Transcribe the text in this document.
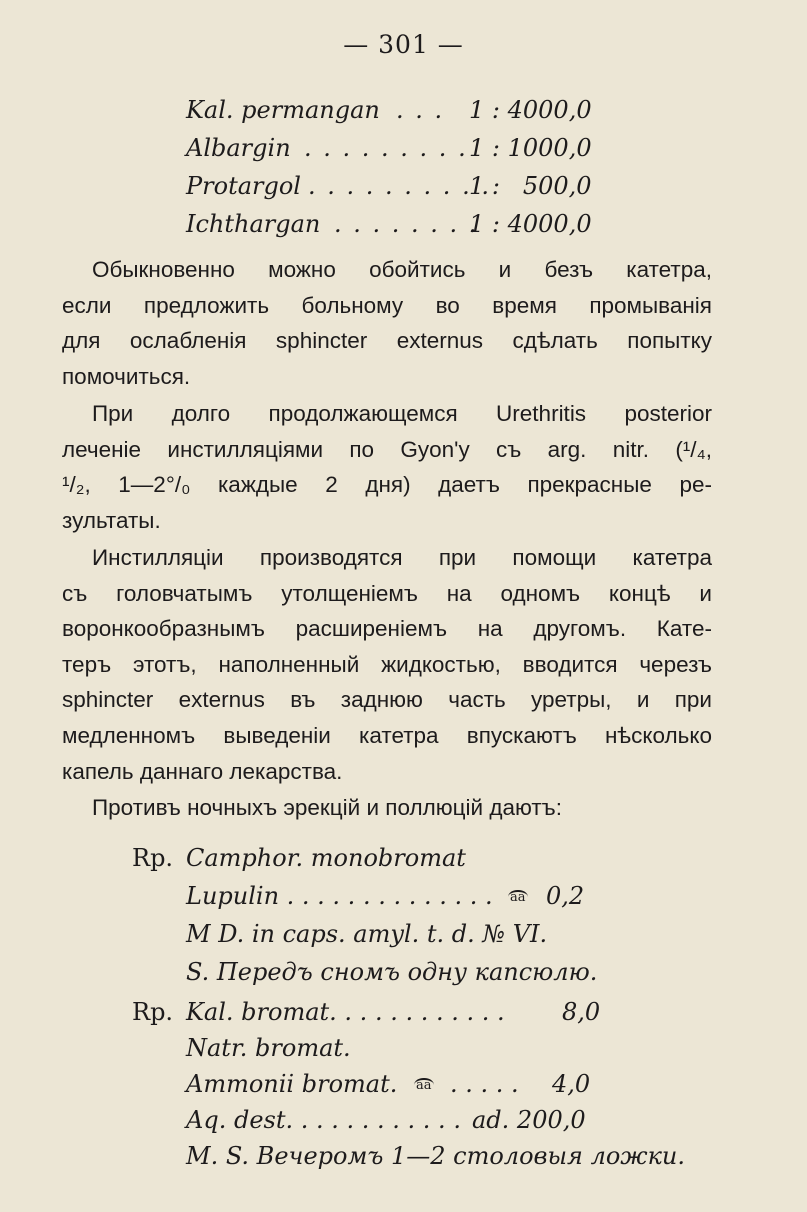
— 301 —
Kal. permangan . . . 1 : 4000,0
Albargin . . . . . . . . . 1 : 1000,0
Protargol . . . . . . . . . .
1 :   500,0
Ichthargan . . . . . . . .
1 : 4000,0
Обыкновенно можно обойтись и безъ катетра,
если предложить больному во время промыванія
для ослабленія sphincter externus сдѣлать попытку
помочиться.
При долго продолжающемся Urethritis posterior
леченіе инстилляціями по Gyon'y съ arg. nitr. (¹/₄,
¹/₂, 1—2°/₀ каждые 2 дня) даетъ прекрасные ре-
зультаты.
Инстилляціи производятся при помощи катетра
съ головчатымъ утолщеніемъ на одномъ концѣ и
воронкообразнымъ расширеніемъ на другомъ. Кате-
теръ этотъ, наполненный жидкостью, вводится черезъ
sphincter externus въ заднюю часть уретры, и при
медленномъ выведеніи катетра впускаютъ нѣсколько
капель даннаго лекарства.
Противъ ночныхъ эрекцій и поллюцій даютъ:
Rp. Camphor. monobromat
Lupulin . . . . . . . . . . . . . . aa 0,2
M D. in caps. amyl. t. d. № VI.
S. Передъ сномъ одну капсюлю.
Rp. Kal. bromat. . . . . . . . . . . . 8,0
Natr. bromat.
Ammonii bromat. aa . . . . . 4,0
Aq. dest. . . . . . . . . . . . ad. 200,0
M. S. Вечеромъ 1—2 столовыя ложки.
